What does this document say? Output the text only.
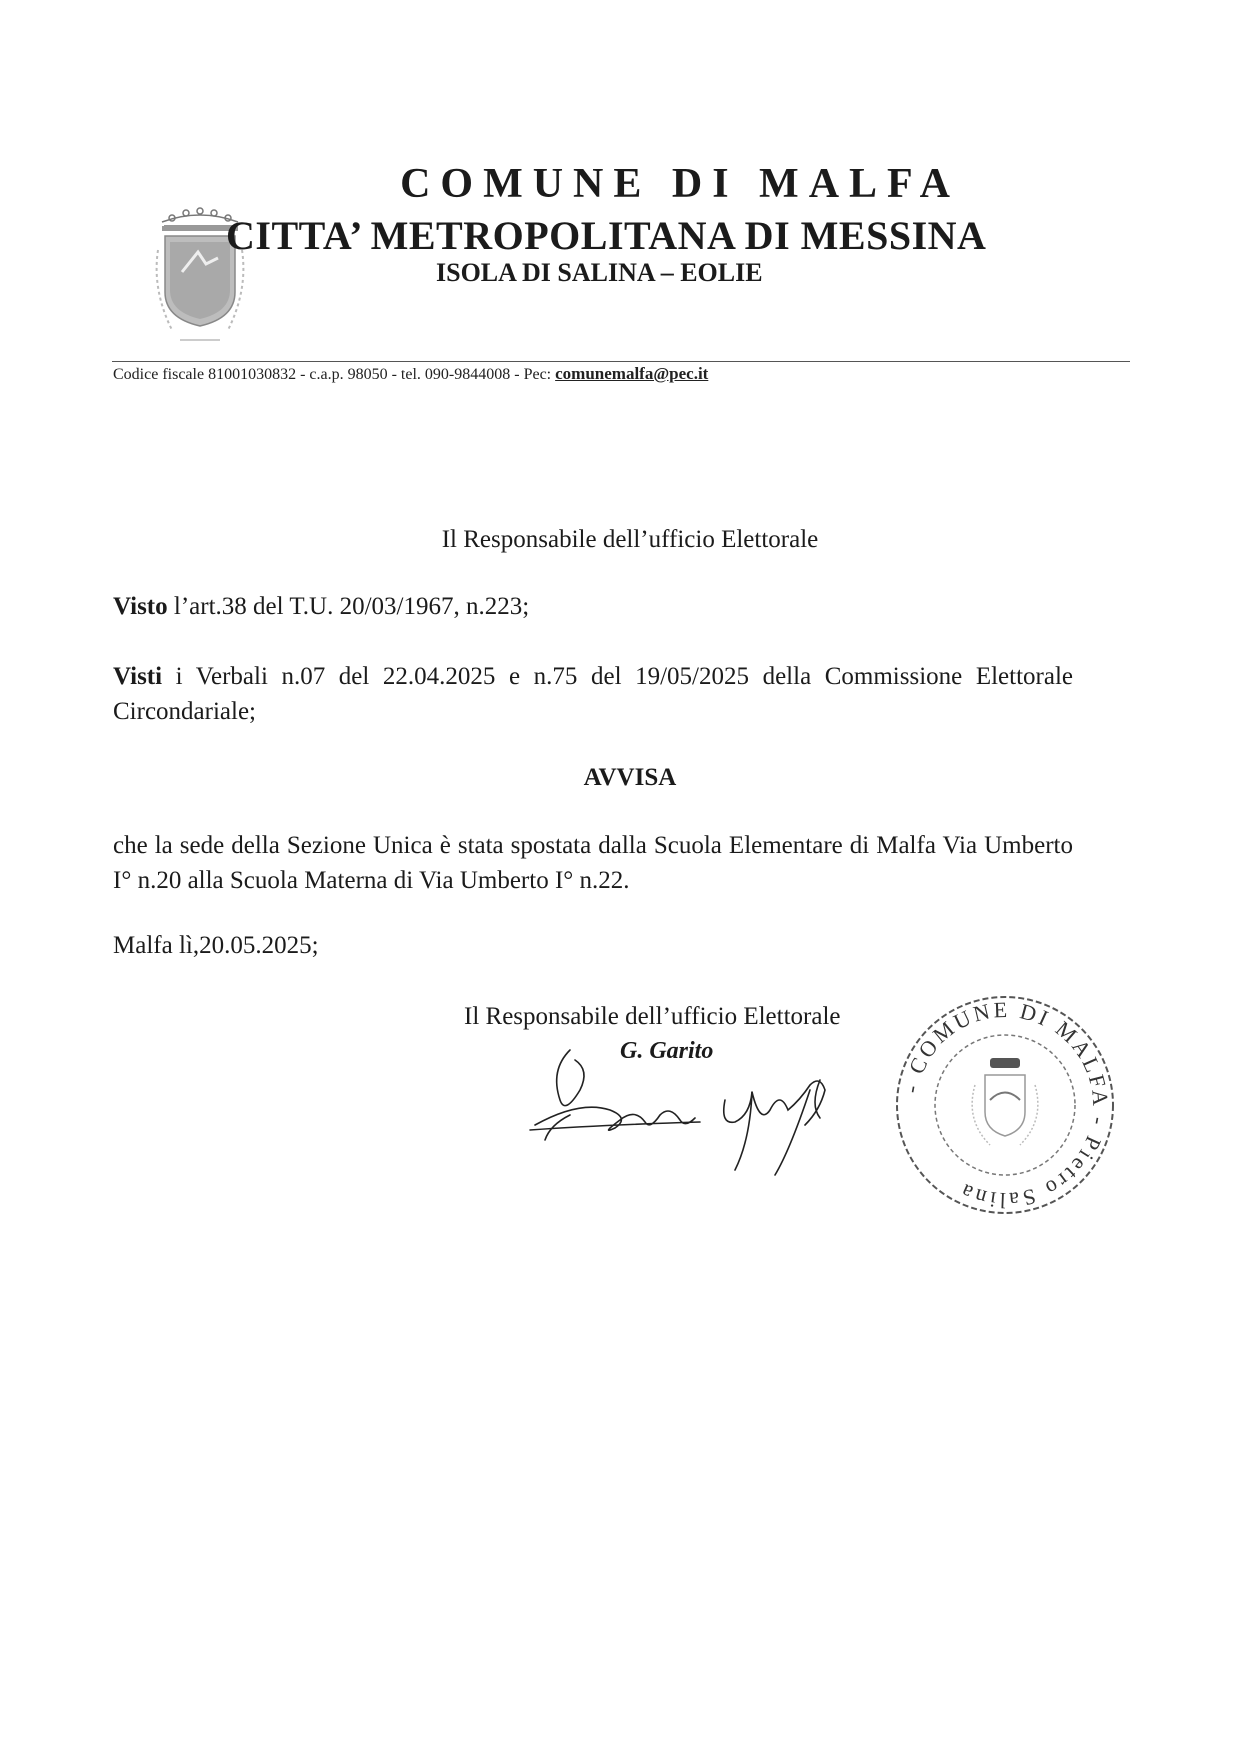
COMUNE DI MALFA
CITTA’ METROPOLITANA DI MESSINA
ISOLA DI SALINA – EOLIE
Codice fiscale 81001030832 - c.a.p. 98050 - tel. 090-9844008 - Pec: comunemalfa@pec.it
Il Responsabile dell’ufficio Elettorale
Visto l’art.38 del T.U. 20/03/1967, n.223;
Visti i Verbali n.07 del 22.04.2025 e n.75 del 19/05/2025 della Commissione Elettorale Circondariale;
AVVISA
che la sede della Sezione Unica è stata spostata dalla Scuola Elementare di Malfa Via Umberto I° n.20 alla Scuola Materna di Via Umberto I° n.22.
Malfa lì,20.05.2025;
Il Responsabile dell’ufficio Elettorale
G. Garito
- COMUNE DI MALFA - Pietro Salina
